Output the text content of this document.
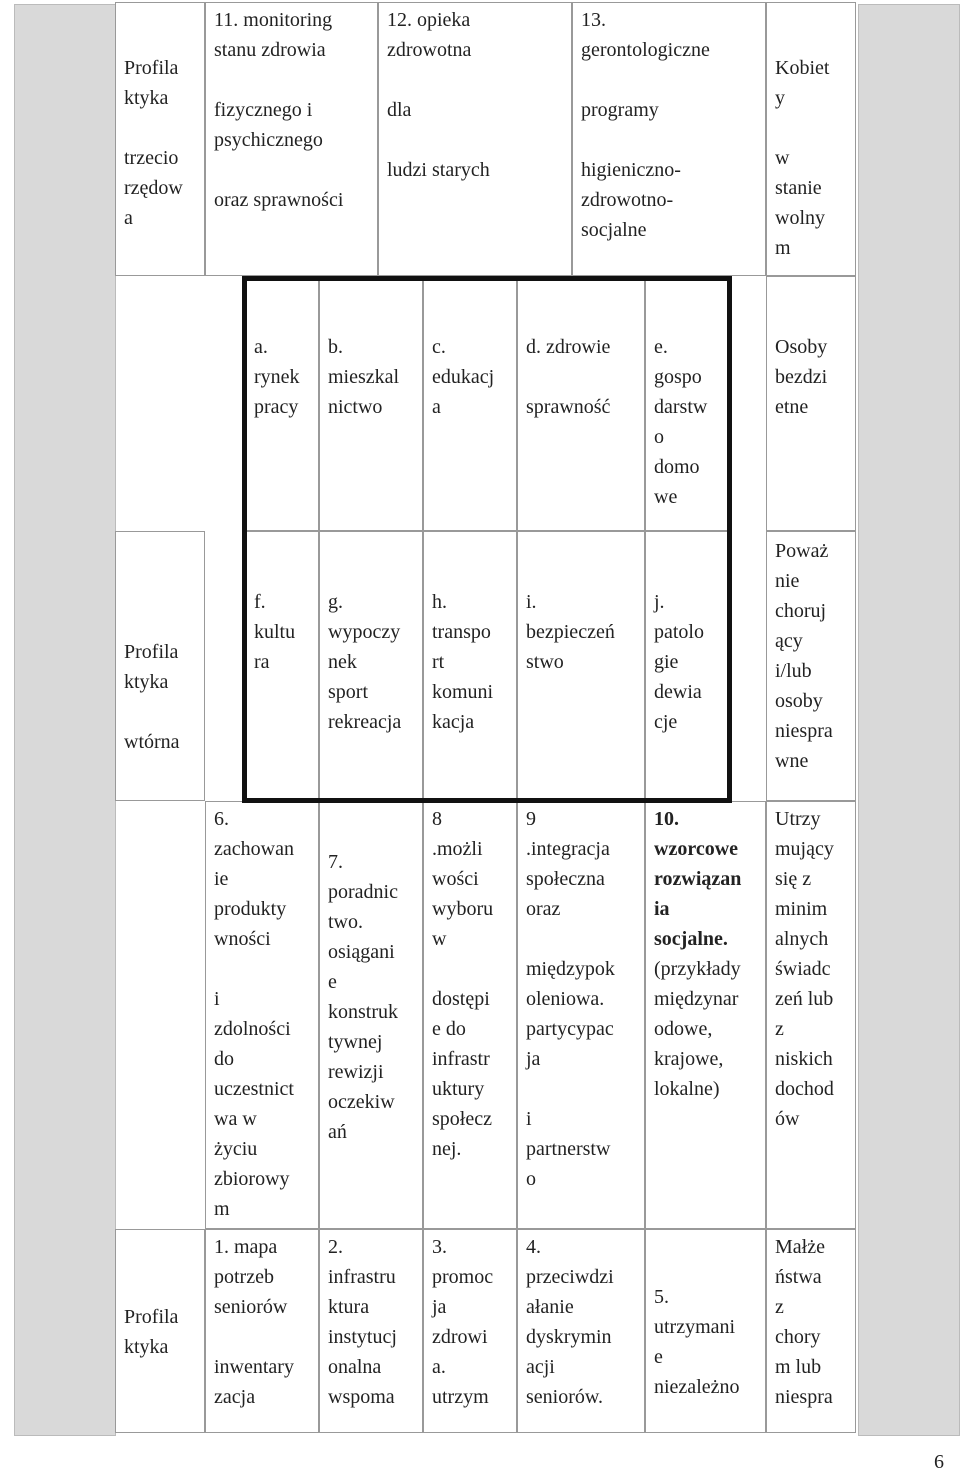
Profila
ktyka

trzecio
rzędow
a

11. monitoring
stanu zdrowia

fizycznego i
psychicznego

oraz sprawności

12. opieka
zdrowotna

dla

ludzi starych

13.
gerontologiczne

programy

higieniczno-
zdrowotno-
socjalne

Kobiet
y

w
stanie
wolny
m

a.
rynek
pracy

b.
mieszkal
nictwo

c.
edukacj
a

d. zdrowie

sprawność

e.
gospo
darstw
o
domo
we

Osoby
bezdzi
etne

Profila
ktyka

wtórna

f.
kultu
ra

g.
wypoczy
nek
sport
rekreacja

h.
transpo
rt
komuni
kacja

i.
bezpieczeń
stwo

j.
patolo
gie
dewia
cje

Poważ
nie
choruj
ący
i/lub
osoby
niespra
wne

6.
zachowan
ie
produkty
wności

i
zdolności
do
uczestnict
wa w
życiu
zbiorowy
m

7.
poradnic
two.
osiągani
e
konstruk
tywnej
rewizji
oczekiw
ań

8
.możli
wości
wyboru
w

dostępi
e do
infrastr
uktury
społecz
nej.

9
.integracja
społeczna
oraz

międzypok
oleniowa.
partycypac
ja

i
partnerstw
o

10.
wzorcowe
rozwiązan
ia
socjalne.

(przykłady
międzynar
odowe,
krajowe,
lokalne)

Utrzy
mujący
się z
minim
alnych
świadc
zeń lub
z
niskich
dochod
ów

Profila
ktyka

1. mapa
potrzeb
seniorów

inwentary
zacja

2.
infrastru
ktura
instytucj
onalna
wspoma

3.
promoc
ja
zdrowi
a.
utrzym

4.
przeciwdzi
ałanie
dyskrymin
acji
seniorów.

5.
utrzymani
e
niezależno

Małże
ństwa
z
chory
m lub
niespra

6
